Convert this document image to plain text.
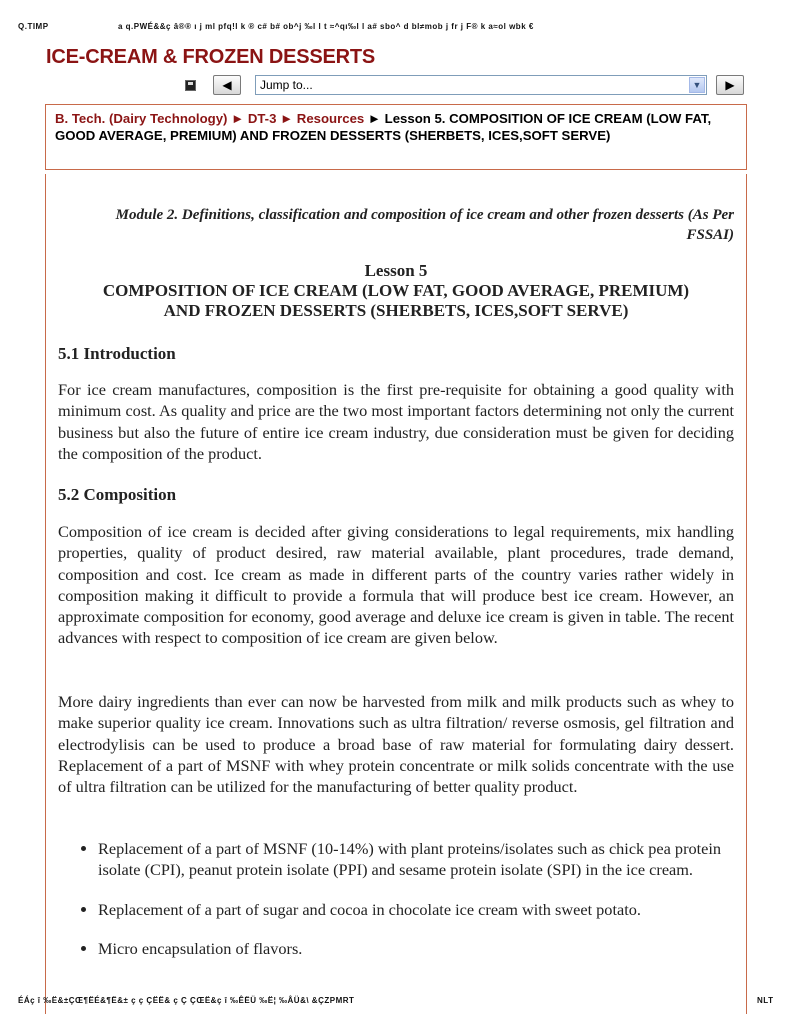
Q.TIMP	a q.PWÉ&&ç â®® ı j ml pfq!l k ® c# b# ob^j ‰l l t ≈^qı‰l l a# sbo^ d bl≠mob j fr j F® k a≈ol wbk €
ICE-CREAM & FROZEN DESSERTS
◀	Jump to...	▼ ▶
B. Tech. (Dairy Technology) ► DT-3 ► Resources ► Lesson 5. COMPOSITION OF ICE CREAM (LOW FAT, GOOD AVERAGE, PREMIUM) AND FROZEN DESSERTS (SHERBETS, ICES,SOFT SERVE)
Module 2. Definitions, classification and composition of ice cream and other frozen desserts (As Per FSSAI)
Lesson 5
COMPOSITION OF ICE CREAM (LOW FAT, GOOD AVERAGE, PREMIUM)
AND FROZEN DESSERTS (SHERBETS, ICES,SOFT SERVE)
5.1 Introduction

For ice cream manufactures, composition is the first pre-requisite for obtaining a good quality with minimum cost. As quality and price are the two most important factors determining not only the current business but also the future of entire ice cream industry, due consideration must be given for deciding the composition of the product.

5.2 Composition

Composition of ice cream is decided after giving considerations to legal requirements, mix handling properties, quality of product desired, raw material available, plant procedures, trade demand, composition and cost. Ice cream as made in different parts of the country varies rather widely in composition making it difficult to provide a formula that will produce best ice cream. However, an approximate composition for economy, good average and deluxe ice cream is given in table. The recent advances with respect to composition of ice cream are given below.

More dairy ingredients than ever can now be harvested from milk and milk products such as whey to make superior quality ice cream. Innovations such as ultra filtration/ reverse osmosis, gel filtration and electrodylisis can be used to produce a broad base of raw material for formulating dairy dessert. Replacement of a part of MSNF with whey protein concentrate or milk solids concentrate with the use of ultra filtration can be utilized for the manufacturing of better quality product.

• Replacement of a part of MSNF (10-14%) with plant proteins/isolates such as chick pea protein isolate (CPI), peanut protein isolate (PPI) and sesame protein isolate (SPI) in the ice cream.
• Replacement of a part of sugar and cocoa in chocolate ice cream with sweet potato.
• Micro encapsulation of flavors.
ÉÁç î ‰Ë&±ÇŒ¶ËÉ&¶Ë&± ç ç ÇËË& ç Ç ÇŒË&ç î ‰ÊËÜ ‰Ë¦ ‰ÂÜ&\ &ÇZPMRT	NLT
